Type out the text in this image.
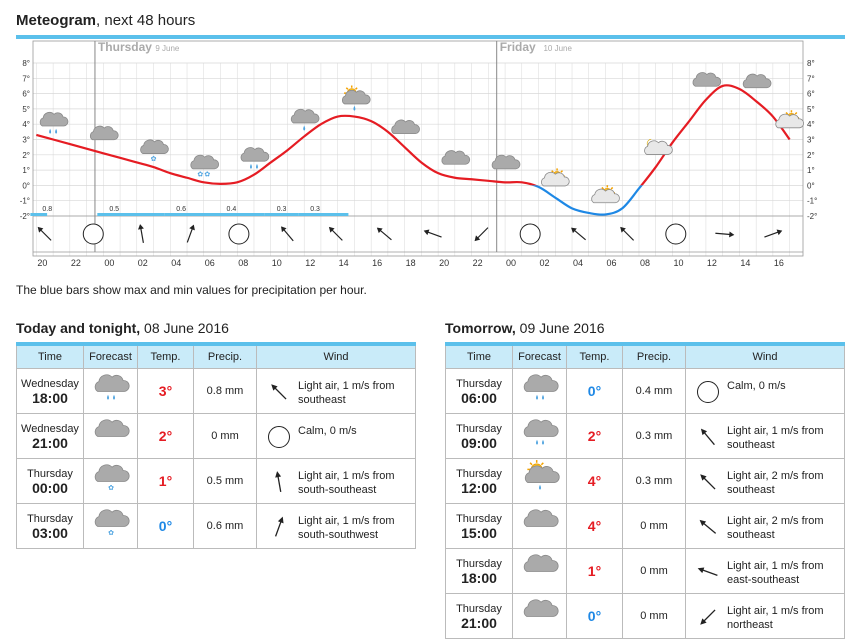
Meteogram, next 48 hours
8°	8°
7°	7°
6°	6°
5°	5°
4°	4°
3°	3°
2°	2°
1°	1°
0°	0°
-1°	-1°
-2°	-2°
Thursday 9 June	Friday 10 June
0.8	0.5	0.6	0.4	0.3	0.3
✿
✿ ✿
20	22	00	02	04	06	08	10	12	14	16	18	20	22	00	02	04	06	08	10	12	14	16
The blue bars show max and min values for precipitation per hour.
Today and tonight, 08 June 2016
Time	Forecast	Temp.	Precip.	Wind

Wednesday
18:00		3°	0.8 mm	Light air, 1 m/s from southeast

Wednesday
21:00		2°	0 mm	Calm, 0 m/s

Thursday
00:00	✿	1°	0.5 mm	Light air, 1 m/s from south-southeast

Thursday
03:00	✿	0°	0.6 mm	Light air, 1 m/s from south-southwest
Tomorrow, 09 June 2016
Time	Forecast	Temp.	Precip.	Wind

Thursday
06:00		0°	0.4 mm	Calm, 0 m/s

Thursday
09:00		2°	0.3 mm	Light air, 1 m/s from southeast

Thursday
12:00		4°	0.3 mm	Light air, 2 m/s from southeast

Thursday
15:00		4°	0 mm	Light air, 2 m/s from southeast

Thursday
18:00		1°	0 mm	Light air, 1 m/s from east-southeast

Thursday
21:00		0°	0 mm	Light air, 1 m/s from northeast
